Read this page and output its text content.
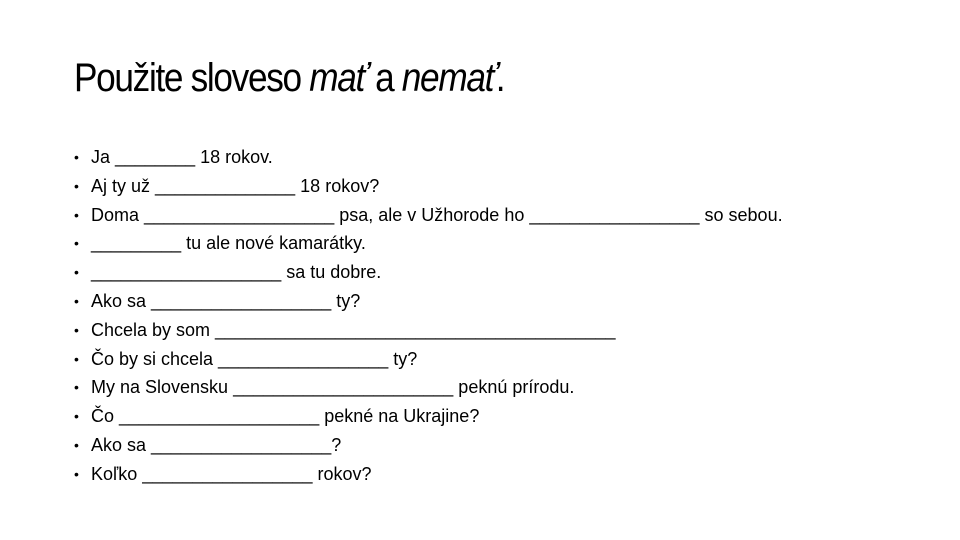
Použite sloveso mať a nemať.
• Ja ________ 18 rokov.
• Aj ty už ______________ 18 rokov?
• Doma ___________________ psa, ale v Užhorode ho _________________ so sebou.
• _________ tu ale nové kamarátky.
• ___________________ sa tu dobre.
• Ako sa __________________ ty?
• Chcela by som ________________________________________
• Čo by si chcela _________________ ty?
• My na Slovensku ______________________ peknú prírodu.
• Čo ____________________ pekné na Ukrajine?
• Ako sa __________________?
• Koľko _________________ rokov?
